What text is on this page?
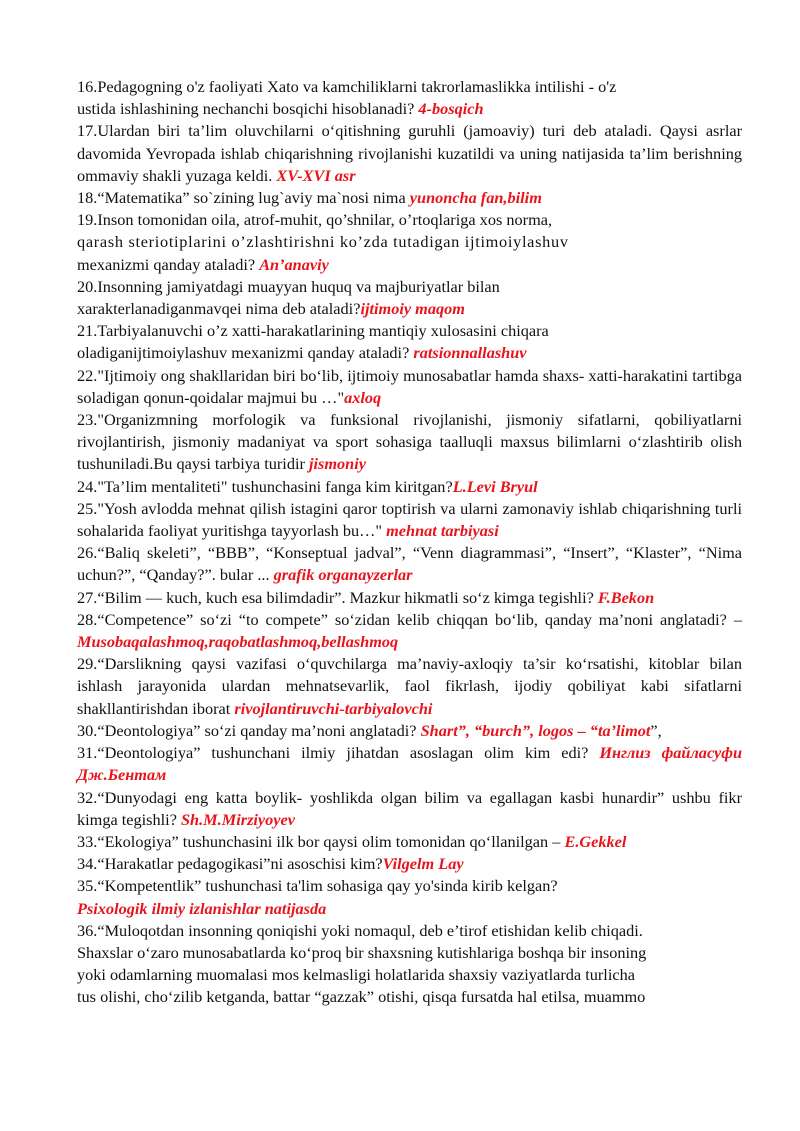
16.Pedagogning o'z faoliyati Xato va kamchiliklarni takrorlamaslikka intilishi - o'z
ustida ishlashining nechanchi bosqichi hisoblanadi? 4-bosqich
17.Ulardan biri ta’lim oluvchilarni o‘qitishning guruhli (jamoaviy) turi deb ataladi. Qaysi asrlar davomida Yevropada ishlab chiqarishning rivojlanishi kuzatildi va uning natijasida ta’lim berishning ommaviy shakli yuzaga keldi. XV-XVI asr
18.“Matematika” so`zining lug`aviy ma`nosi nima yunoncha fan,bilim
19.Inson tomonidan oila, atrof-muhit, qo’shnilar, o’rtoqlariga xos norma,
qarash steriotiplarini o’zlashtirishni ko’zda tutadigan ijtimoiylashuv
mexanizmi qanday ataladi? An’anaviy
20.Insonning jamiyatdagi muayyan huquq va majburiyatlar bilan
xarakterlanadiganmavqei nima deb ataladi?ijtimoiy maqom
21.Tarbiyalanuvchi o’z xatti-harakatlarining mantiqiy xulosasini chiqara
oladiganijtimoiylashuv mexanizmi qanday ataladi? ratsionnallashuv
22."Ijtimoiy ong shakllaridan biri bo‘lib, ijtimoiy munosabatlar hamda shaxs- xatti-harakatini tartibga soladigan qonun-qoidalar majmui bu …"axloq
23."Organizmning morfologik va funksional rivojlanishi, jismoniy sifatlarni, qobiliyatlarni rivojlantirish, jismoniy madaniyat va sport sohasiga taalluqli maxsus bilimlarni o‘zlashtirib olish tushuniladi.Bu qaysi tarbiya turidir jismoniy
24."Ta’lim mentaliteti" tushunchasini fanga kim kiritgan?L.Levi Bryul
25."Yosh avlodda mehnat qilish istagini qaror toptirish va ularni zamonaviy ishlab chiqarishning turli sohalarida faoliyat yuritishga tayyorlash bu…" mehnat tarbiyasi
26.“Baliq skeleti”, “BBB”, “Konseptual jadval”, “Venn diagrammasi”, “Insert”, “Klaster”, “Nima uchun?”, “Qanday?”. bular ... grafik organayzerlar
27.“Bilim — kuch, kuch esa bilimdadir”. Mazkur hikmatli so‘z kimga tegishli? F.Bekon
28.“Competence” so‘zi “to compete” so‘zidan kelib chiqqan bo‘lib, qanday ma’noni anglatadi? – Musobaqalashmoq,raqobatlashmoq,bellashmoq
29.“Darslikning qaysi vazifasi o‘quvchilarga ma’naviy-axloqiy ta’sir ko‘rsatishi, kitoblar bilan ishlash jarayonida ulardan mehnatsevarlik, faol fikrlash, ijodiy qobiliyat kabi sifatlarni shakllantirishdan iborat rivojlantiruvchi-tarbiyalovchi
30.“Deontologiya” so‘zi qanday ma’noni anglatadi? Shart”, “burch”, logos – “ta’limot”,
31.“Deontologiya” tushunchani ilmiy jihatdan asoslagan olim kim edi? Инглиз файласуфи Дж.Бентам
32.“Dunyodagi eng katta boylik- yoshlikda olgan bilim va egallagan kasbi hunardir” ushbu fikr kimga tegishli? Sh.M.Mirziyoyev
33.“Ekologiya” tushunchasini ilk bor qaysi olim tomonidan qo‘llanilgan – E.Gekkel
34.“Harakatlar pedagogikasi”ni asoschisi kim?Vilgelm Lay
35.“Kompetentlik” tushunchasi ta'lim sohasiga qay yo'sinda kirib kelgan?
Psixologik ilmiy izlanishlar natijasda
36.“Muloqotdan insonning qoniqishi yoki nomaqul, deb e’tirof etishidan kelib chiqadi.
Shaxslar o‘zaro munosabatlarda ko‘proq bir shaxsning kutishlariga boshqa bir insoning
yoki odamlarning muomalasi mos kelmasligi holatlarida shaxsiy vaziyatlarda turlicha
tus olishi, cho‘zilib ketganda, battar “gazzak” otishi, qisqa fursatda hal etilsa, muammo
